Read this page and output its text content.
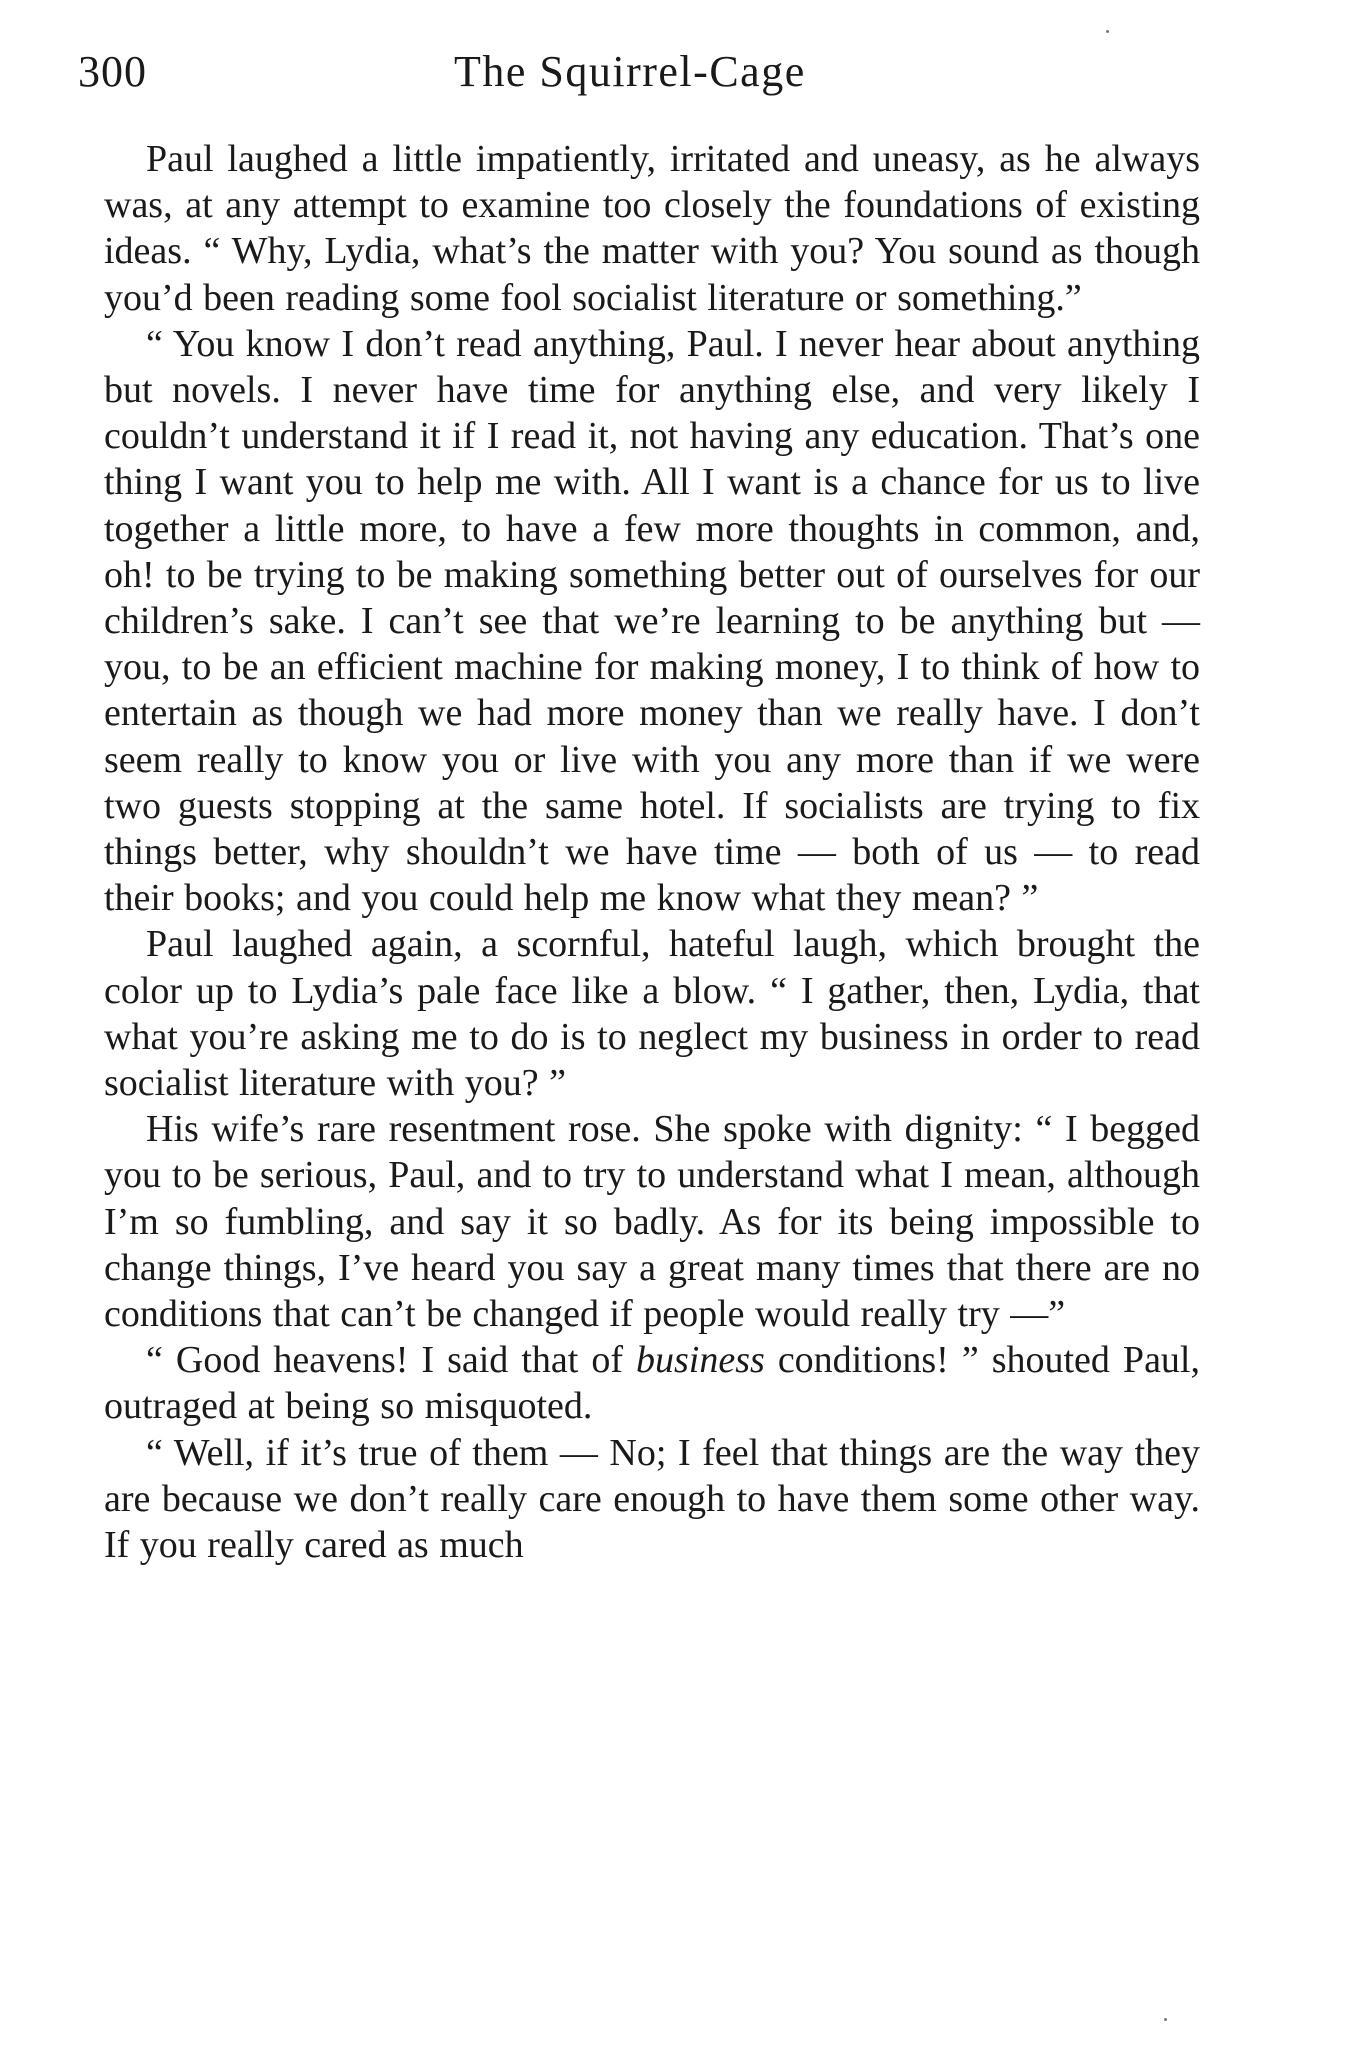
300	The Squirrel-Cage

Paul laughed a little impatiently, irritated and uneasy, as he always was, at any attempt to examine too closely the foundations of existing ideas. “ Why, Lydia, what’s the matter with you? You sound as though you’d been reading some fool socialist literature or something.”

“ You know I don’t read anything, Paul. I never hear about anything but novels. I never have time for anything else, and very likely I couldn’t understand it if I read it, not having any education. That’s one thing I want you to help me with. All I want is a chance for us to live together a little more, to have a few more thoughts in common, and, oh! to be trying to be making something better out of ourselves for our children’s sake. I can’t see that we’re learning to be anything but — you, to be an efficient machine for making money, I to think of how to entertain as though we had more money than we really have. I don’t seem really to know you or live with you any more than if we were two guests stopping at the same hotel. If socialists are trying to fix things better, why shouldn’t we have time — both of us — to read their books; and you could help me know what they mean? ”

Paul laughed again, a scornful, hateful laugh, which brought the color up to Lydia’s pale face like a blow. “ I gather, then, Lydia, that what you’re asking me to do is to neglect my business in order to read socialist literature with you? ”

His wife’s rare resentment rose. She spoke with dignity: “ I begged you to be serious, Paul, and to try to understand what I mean, although I’m so fumbling, and say it so badly. As for its being impossible to change things, I’ve heard you say a great many times that there are no conditions that can’t be changed if people would really try —”

“ Good heavens! I said that of business conditions! ” shouted Paul, outraged at being so misquoted.

“ Well, if it’s true of them — No; I feel that things are the way they are because we don’t really care enough to have them some other way. If you really cared as much
